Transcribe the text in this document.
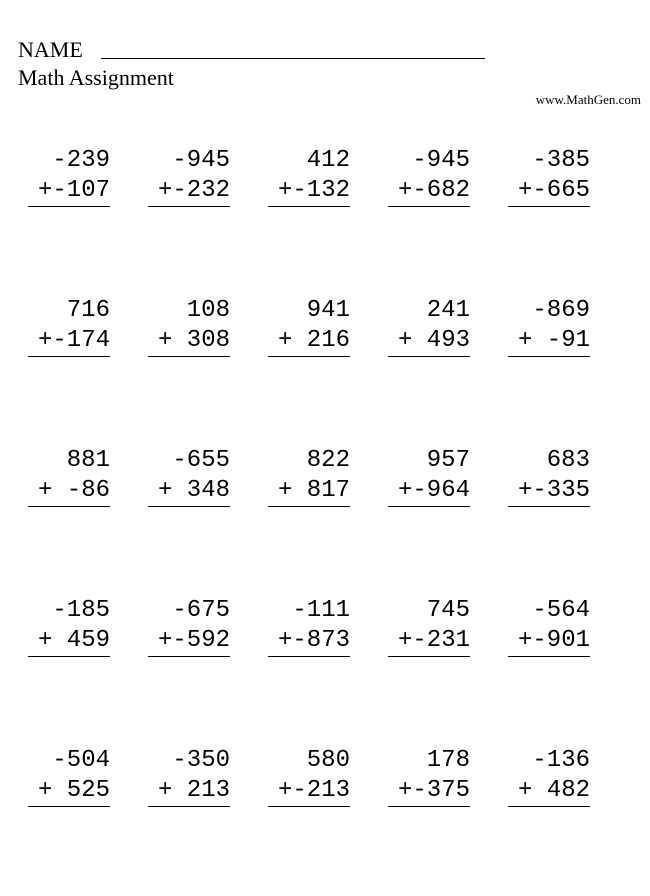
NAME
Math Assignment
www.MathGen.com
-239
+-107
-945
+-232
412
+-132
-945
+-682
-385
+-665
716
+-174
108
+ 308
941
+ 216
241
+ 493
-869
+ -91
881
+ -86
-655
+ 348
822
+ 817
957
+-964
683
+-335
-185
+ 459
-675
+-592
-111
+-873
745
+-231
-564
+-901
-504
+ 525
-350
+ 213
580
+-213
178
+-375
-136
+ 482
